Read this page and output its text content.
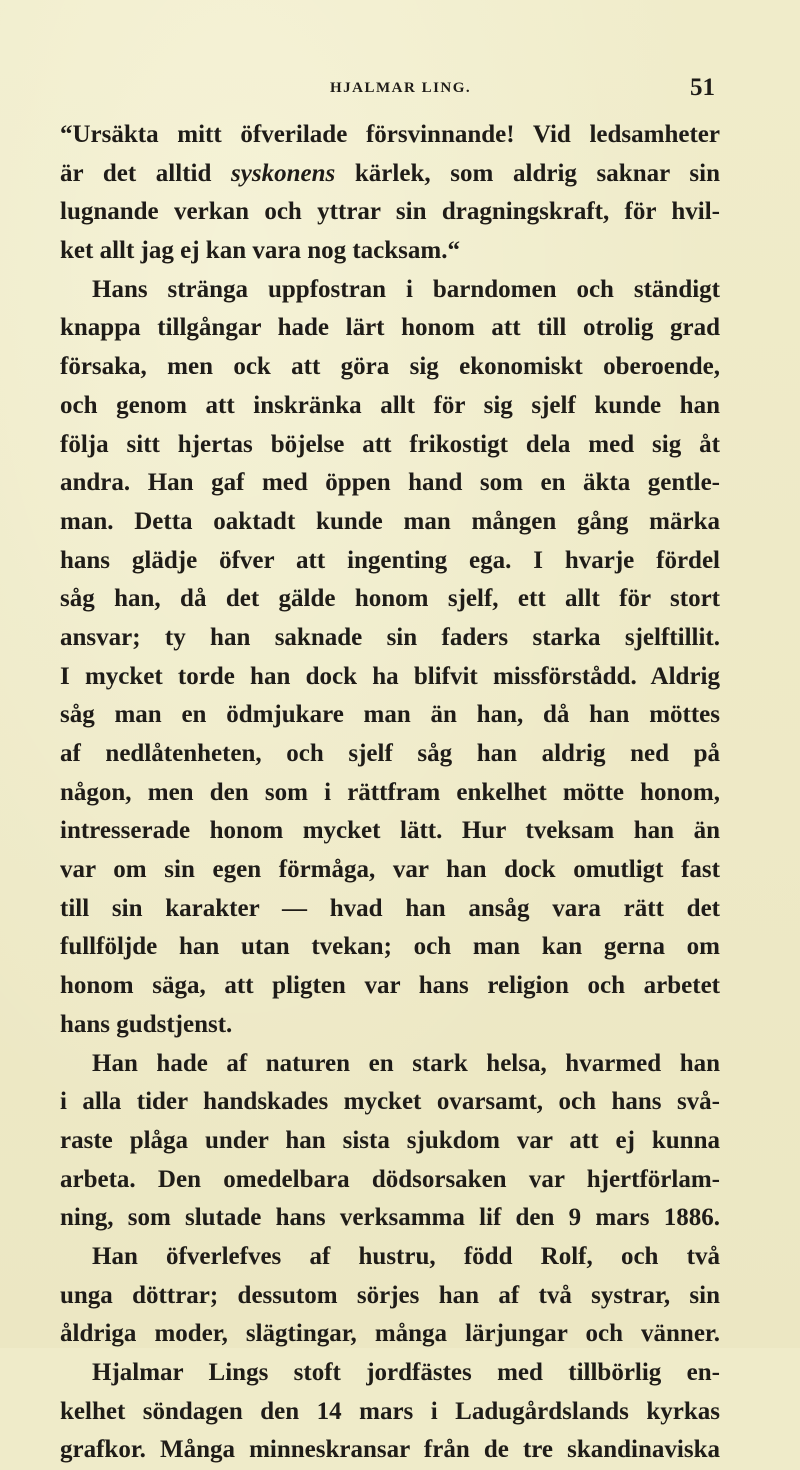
HJALMAR LING.	51
“Ursäkta mitt öfverilade försvinnande! Vid ledsamheter
är det alltid syskonens kärlek, som aldrig saknar sin
lugnande verkan och yttrar sin dragningskraft, för hvil-
ket allt jag ej kan vara nog tacksam.“
Hans stränga uppfostran i barndomen och ständigt
knappa tillgångar hade lärt honom att till otrolig grad
försaka, men ock att göra sig ekonomiskt oberoende,
och genom att inskränka allt för sig sjelf kunde han
följa sitt hjertas böjelse att frikostigt dela med sig åt
andra. Han gaf med öppen hand som en äkta gentle-
man. Detta oaktadt kunde man mången gång märka
hans glädje öfver att ingenting ega. I hvarje fördel
såg han, då det gälde honom sjelf, ett allt för stort
ansvar; ty han saknade sin faders starka sjelftillit.
I mycket torde han dock ha blifvit missförstådd. Aldrig
såg man en ödmjukare man än han, då han möttes
af nedlåtenheten, och sjelf såg han aldrig ned på
någon, men den som i rättfram enkelhet mötte honom,
intresserade honom mycket lätt. Hur tveksam han än
var om sin egen förmåga, var han dock omutligt fast
till sin karakter — hvad han ansåg vara rätt det
fullföljde han utan tvekan; och man kan gerna om
honom säga, att pligten var hans religion och arbetet
hans gudstjenst.
Han hade af naturen en stark helsa, hvarmed han
i alla tider handskades mycket ovarsamt, och hans svå-
raste plåga under han sista sjukdom var att ej kunna
arbeta. Den omedelbara dödsorsaken var hjertförlam-
ning, som slutade hans verksamma lif den 9 mars 1886.
Han öfverlefves af hustru, född Rolf, och två
unga döttrar; dessutom sörjes han af två systrar, sin
åldriga moder, slägtingar, många lärjungar och vänner.
Hjalmar Lings stoft jordfästes med tillbörlig en-
kelhet söndagen den 14 mars i Ladugårdslands kyrkas
grafkor. Många minneskransar från de tre skandinaviska
